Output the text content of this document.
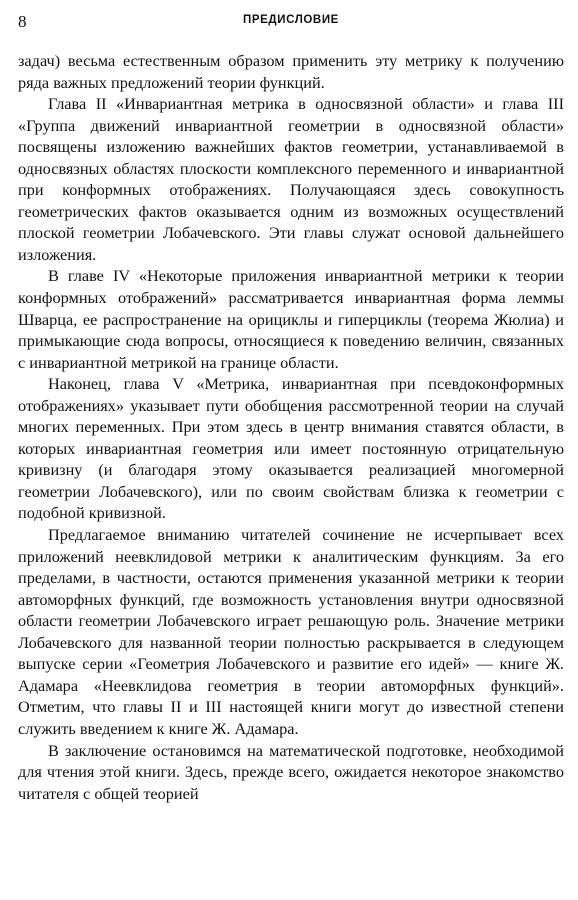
8	ПРЕДИСЛОВИЕ

задач) весьма естественным образом применить эту метрику к получению ряда важных предложений теории функций.

Глава II «Инвариантная метрика в односвязной области» и глава III «Группа движений инвариантной геометрии в односвязной области» посвящены изложению важнейших фактов геометрии, устанавливаемой в односвязных областях плоскости комплексного переменного и инвариантной при конформных отображениях. Получающаяся здесь совокупность геометрических фактов оказывается одним из возможных осуществлений плоской геометрии Лобачевского. Эти главы служат основой дальнейшего изложения.

В главе IV «Некоторые приложения инвариантной метрики к теории конформных отображений» рассматривается инвариантная форма леммы Шварца, ее распространение на орициклы и гиперциклы (теорема Жюлиа) и примыкающие сюда вопросы, относящиеся к поведению величин, связанных с инвариантной метрикой на границе области.

Наконец, глава V «Метрика, инвариантная при псевдоконформных отображениях» указывает пути обобщения рассмотренной теории на случай многих переменных. При этом здесь в центр внимания ставятся области, в которых инвариантная геометрия или имеет постоянную отрицательную кривизну (и благодаря этому оказывается реализацией многомерной геометрии Лобачевского), или по своим свойствам близка к геометрии с подобной кривизной.

Предлагаемое вниманию читателей сочинение не исчерпывает всех приложений неевклидовой метрики к аналитическим функциям. За его пределами, в частности, остаются применения указанной метрики к теории автоморфных функций, где возможность установления внутри односвязной области геометрии Лобачевского играет решающую роль. Значение метрики Лобачевского для названной теории полностью раскрывается в следующем выпуске серии «Геометрия Лобачевского и развитие его идей» — книге Ж. Адамара «Неевклидова геометрия в теории автоморфных функций». Отметим, что главы II и III настоящей книги могут до известной степени служить введением к книге Ж. Адамара.

В заключение остановимся на математической подготовке, необходимой для чтения этой книги. Здесь, прежде всего, ожидается некоторое знакомство читателя с общей теорией
